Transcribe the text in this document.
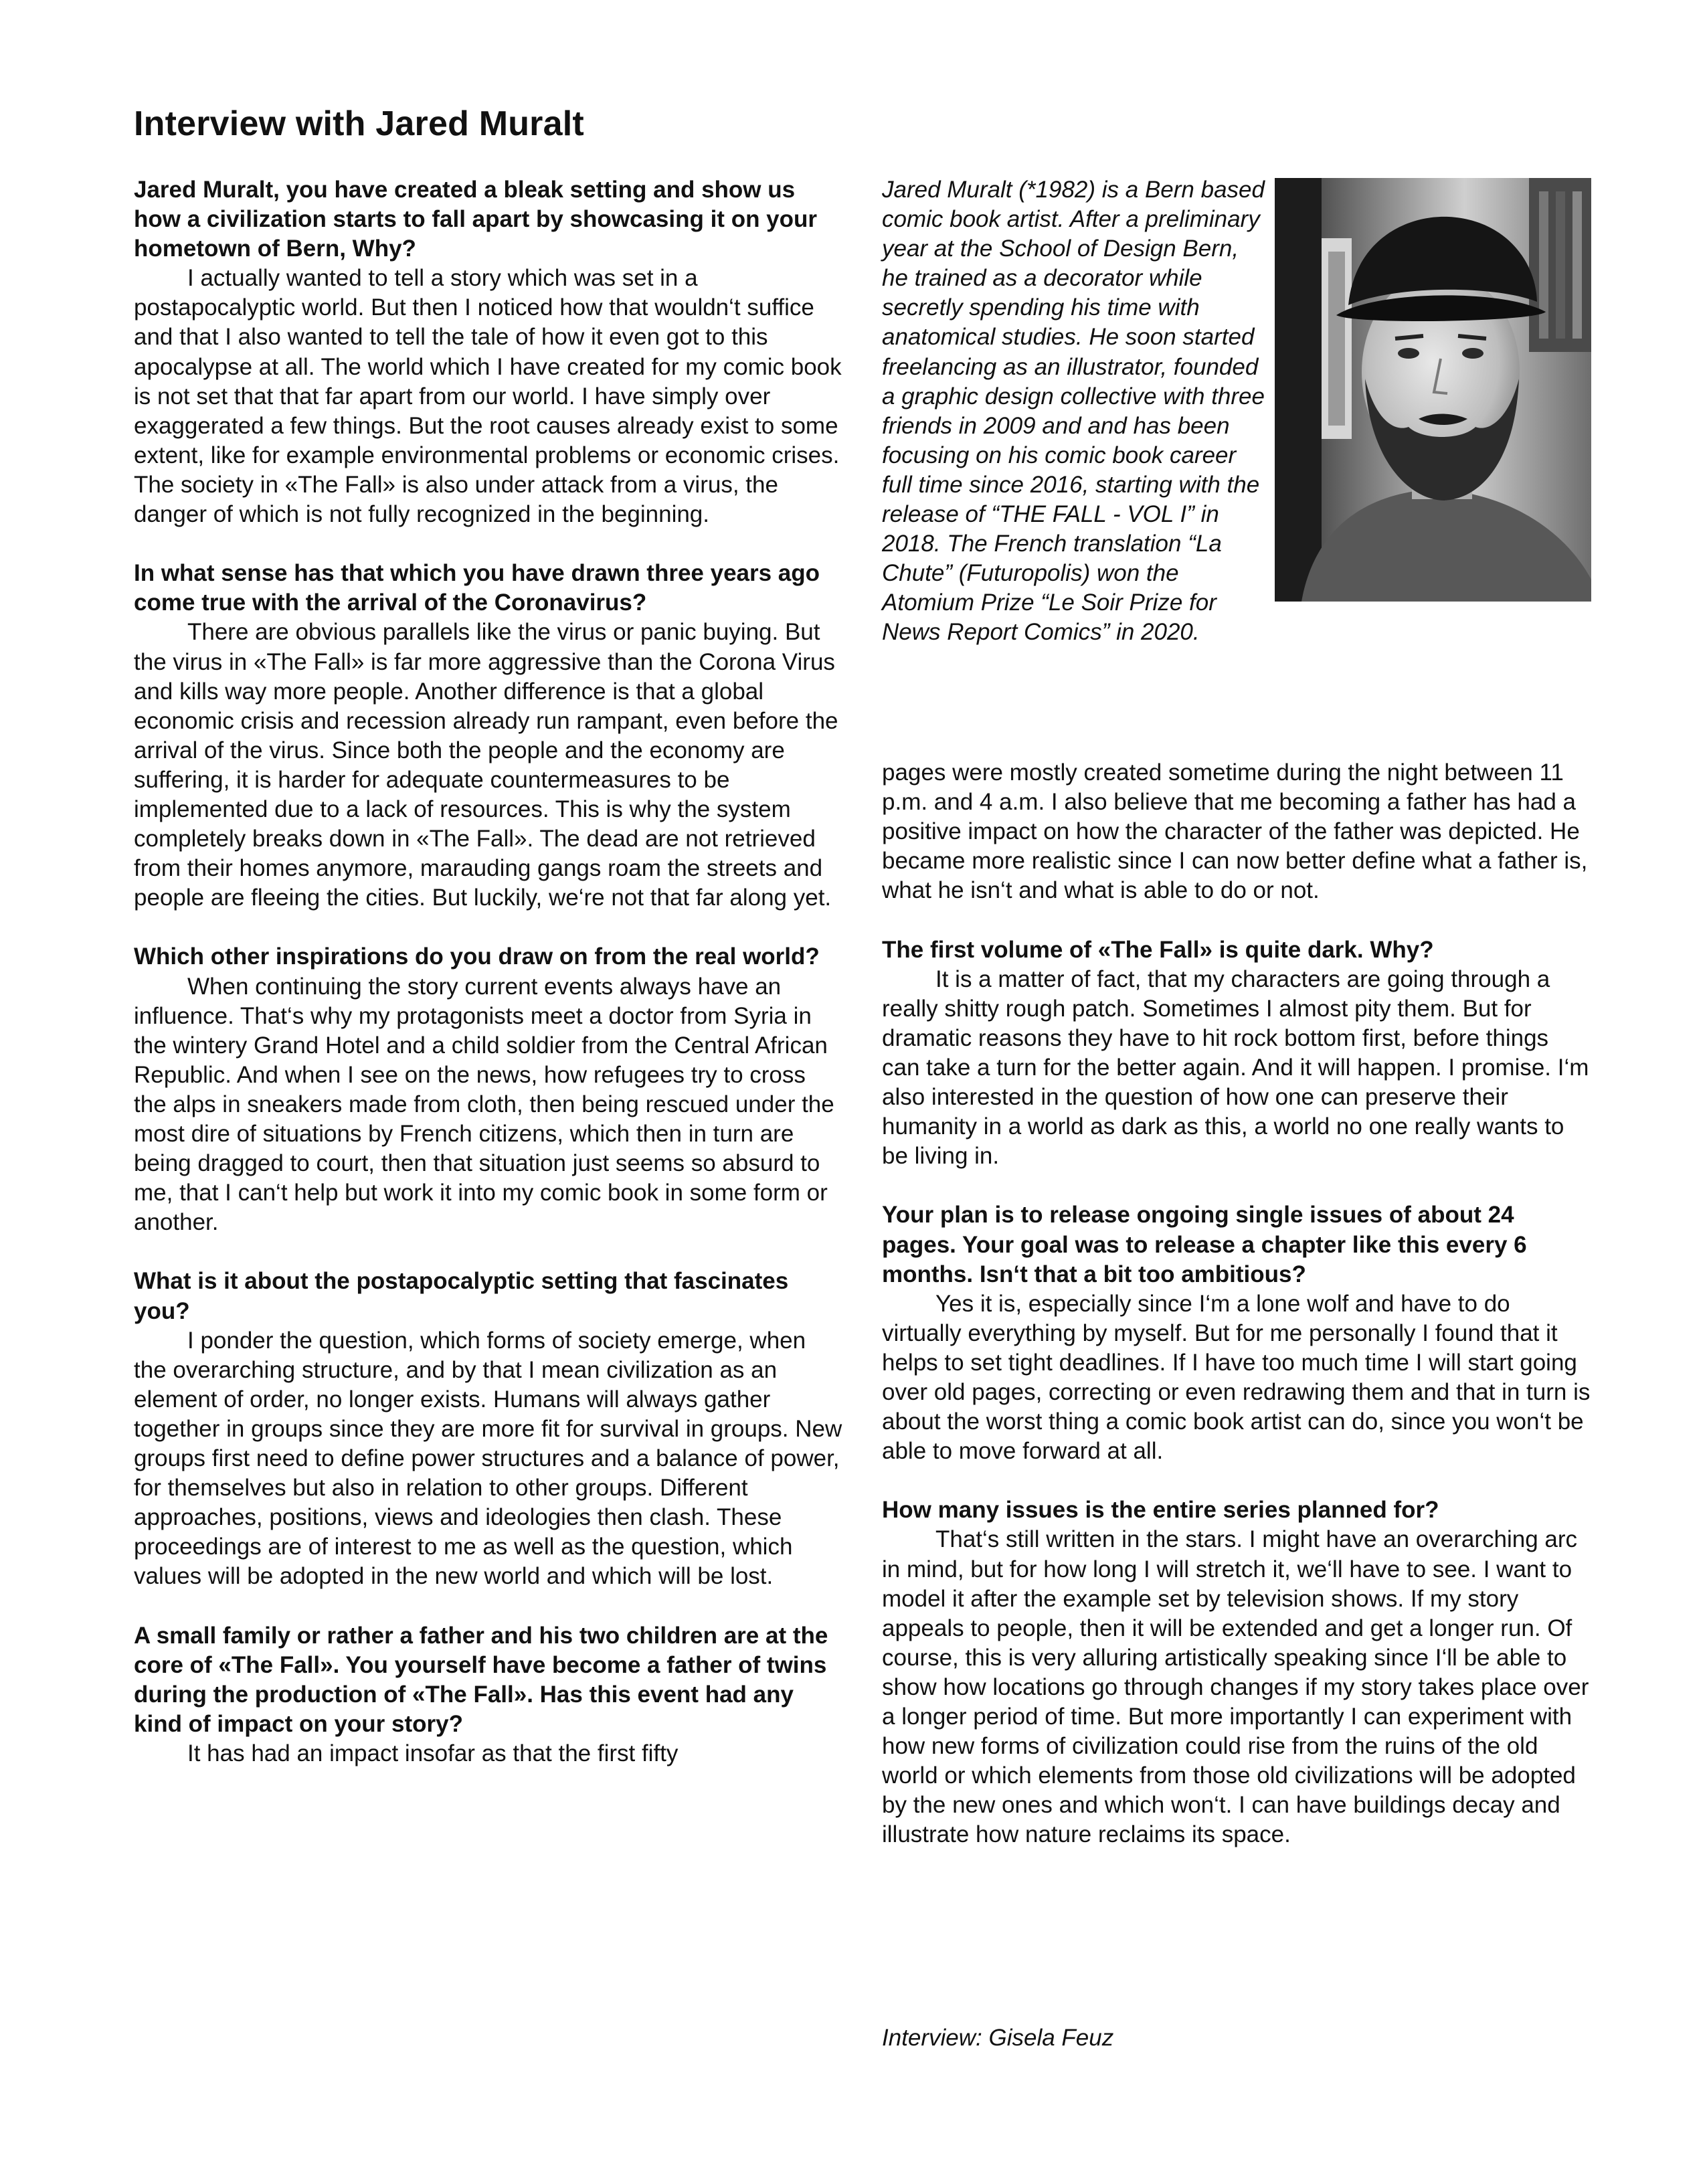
Interview with Jared Muralt
Jared Muralt (*1982) is a Bern based comic book artist. After a preliminary year at the School of Design Bern, he trained as a decorator while secretly spending his time with anatomical studies. He soon started freelancing as an illustrator, founded a graphic design collective with three friends in 2009 and and has been focusing on his comic book career full time since 2016, starting with the release of “THE FALL - VOL I” in 2018. The French translation “La Chute” (Futuropolis) won the Atomium Prize “Le Soir Prize for News Report Comics” in 2020.

Jared Muralt, you have created a bleak setting and show us how a civilization starts to fall apart by showcasing it on your hometown of Bern, Why?

I actually wanted to tell a story which was set in a postapocalyptic world. But then I noticed how that wouldn‘t suffice and that I also wanted to tell the tale of how it even got to this apocalypse at all. The world which I have created for my comic book is not set that that far apart from our world. I have simply over exaggerated a few things. But the root causes already exist to some extent, like for example environmental problems or economic crises. The society in «The Fall» is also under attack from a virus, the danger of which is not fully recognized in the beginning.

In what sense has that which you have drawn three years ago come true with the arrival of the Coronavirus?

There are obvious parallels like the virus or panic buying. But the virus in «The Fall» is far more aggressive than the Corona Virus and kills way more people. Another difference is that a global economic crisis and recession already run rampant, even before the arrival of the virus. Since both the people and the economy are suffering, it is harder for adequate countermeasures to be implemented due to a lack of resources. This is why the system completely breaks down in «The Fall». The dead are not retrieved from their homes anymore, marauding gangs roam the streets and people are fleeing the cities. But luckily, we‘re not that far along yet.

Which other inspirations do you draw on from the real world?

When continuing the story current events always have an influence. That‘s why my protagonists meet a doctor from Syria in the wintery Grand Hotel and a child soldier from the Central African Republic. And when I see on the news, how refugees try to cross the alps in sneakers made from cloth, then being rescued under the most dire of situations by French citizens, which then in turn are being dragged to court, then that situation just seems so absurd to me, that I can‘t help but work it into my comic book in some form or another.

What is it about the postapocalyptic setting that fascinates you?

I ponder the question, which forms of society emerge, when the overarching structure, and by that I mean civilization as an element of order, no longer exists. Humans will always gather together in groups since they are more fit for survival in groups. New groups first need to define power structures and a balance of power, for themselves but also in relation to other groups. Different approaches, positions, views and ideologies then clash. These proceedings are of interest to me as well as the question, which values will be adopted in the new world and which will be lost.

A small family or rather a father and his two children are at the core of «The Fall». You yourself have become a father of twins during the production of «The Fall». Has this event had any kind of impact on your story?

It has had an impact insofar as that the first fifty

pages were mostly created sometime during the night between 11 p.m. and 4 a.m. I also believe that me becoming a father has had a positive impact on how the character of the father was depicted. He became more realistic since I can now better define what a father is, what he isn‘t and what is able to do or not.

The first volume of «The Fall» is quite dark. Why?

It is a matter of fact, that my characters are going through a really shitty rough patch. Sometimes I almost pity them. But for dramatic reasons they have to hit rock bottom first, before things can take a turn for the better again. And it will happen. I promise. I‘m also interested in the question of how one can preserve their humanity in a world as dark as this, a world no one really wants to be living in.

Your plan is to release ongoing single issues of about 24 pages. Your goal was to release a chapter like this every 6 months. Isn‘t that a bit too ambitious?

Yes it is, especially since I‘m a lone wolf and have to do virtually everything by myself. But for me personally I found that it helps to set tight deadlines. If I have too much time I will start going over old pages, correcting or even redrawing them and that in turn is about the worst thing a comic book artist can do, since you won‘t be able to move forward at all.

How many issues is the entire series planned for?

That‘s still written in the stars. I might have an overarching arc in mind, but for how long I will stretch it, we‘ll have to see. I want to model it after the example set by television shows. If my story appeals to people, then it will be extended and get a longer run. Of course, this is very alluring artistically speaking since I‘ll be able to show how locations go through changes if my story takes place over a longer period of time. But more importantly I can experiment with how new forms of civilization could rise from the ruins of the old world or which elements from those old civilizations will be adopted by the new ones and which won‘t. I can have buildings decay and illustrate how nature reclaims its space.

Interview: Gisela Feuz
